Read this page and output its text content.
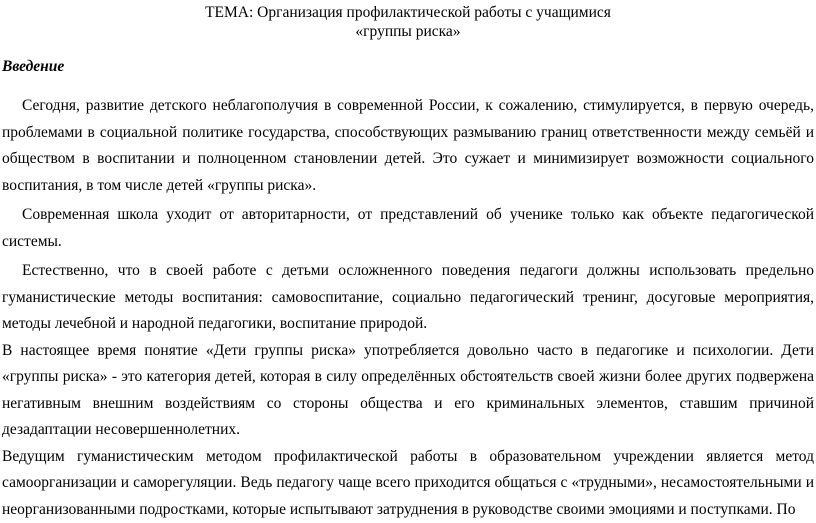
ТЕМА: Организация профилактической работы с учащимися
«группы риска»
Введение

Сегодня, развитие детского неблагополучия в современной России, к сожалению, стимулируется, в первую очередь, проблемами в социальной политике государства, способствующих размыванию границ ответственности между семьёй и обществом в воспитании и полноценном становлении детей. Это сужает и минимизирует возможности социального воспитания, в том числе детей «группы риска».

Современная школа уходит от авторитарности, от представлений об ученике только как объекте педагогической системы.

Естественно, что в своей работе с детьми осложненного поведения педагоги должны использовать предельно гуманистические методы воспитания: самовоспитание, социально педагогический тренинг, досуговые мероприятия, методы лечебной и народной педагогики, воспитание природой.

В настоящее время понятие «Дети группы риска» употребляется довольно часто в педагогике и психологии. Дети «группы риска» - это категория детей, которая в силу определённых обстоятельств своей жизни более других подвержена негативным внешним воздействиям со стороны общества и его криминальных элементов, ставшим причиной дезадаптации несовершеннолетних.

Ведущим гуманистическим методом профилактической работы в образовательном учреждении является метод самоорганизации и саморегуляции. Ведь педагогу чаще всего приходится общаться с «трудными», несамостоятельными и неорганизованными подростками, которые испытывают затруднения в руководстве своими эмоциями и поступками. По
